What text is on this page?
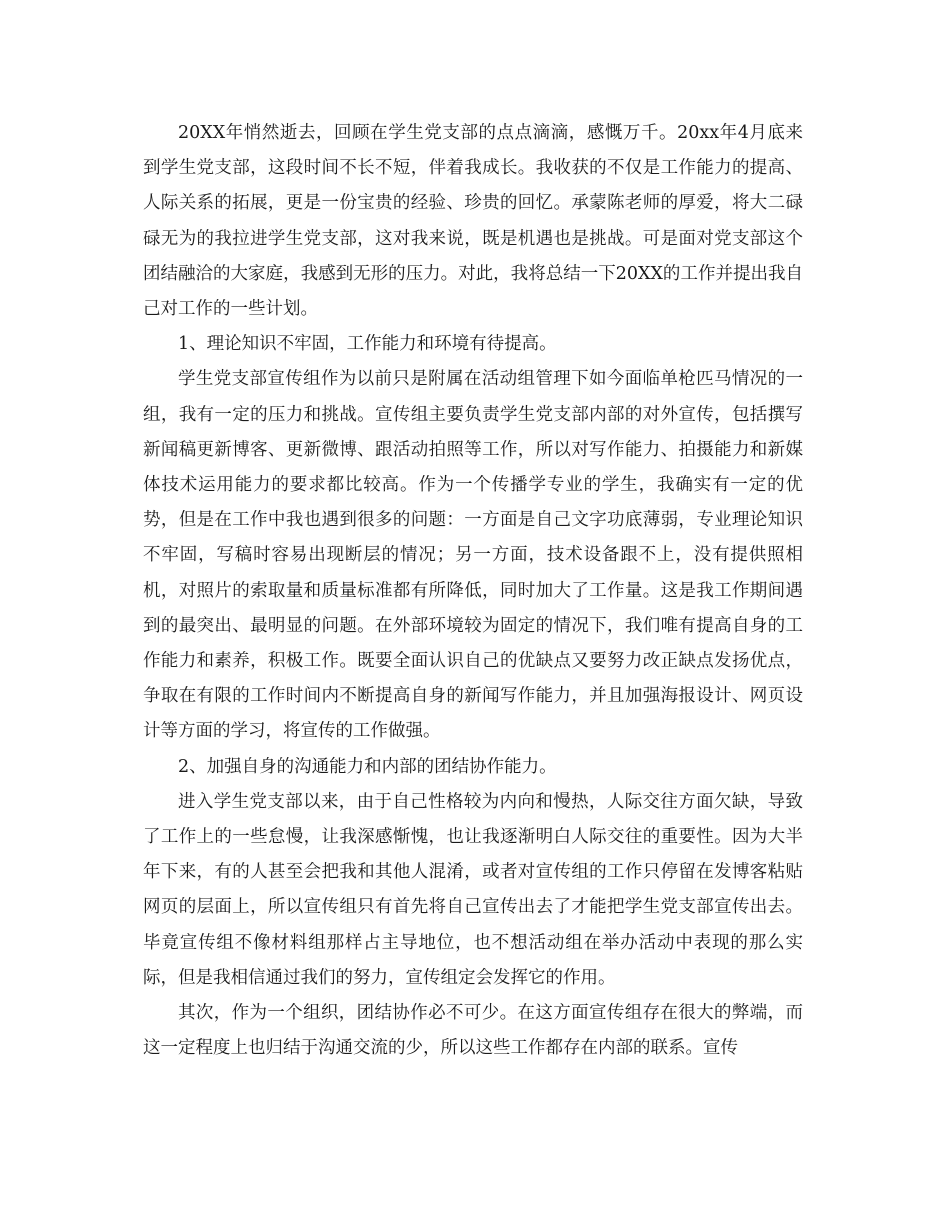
20XX年悄然逝去，回顾在学生党支部的点点滴滴，感慨万千。20xx年4月底来到学生党支部，这段时间不长不短，伴着我成长。我收获的不仅是工作能力的提高、人际关系的拓展，更是一份宝贵的经验、珍贵的回忆。承蒙陈老师的厚爱，将大二碌碌无为的我拉进学生党支部，这对我来说，既是机遇也是挑战。可是面对党支部这个团结融洽的大家庭，我感到无形的压力。对此，我将总结一下20XX的工作并提出我自己对工作的一些计划。

1、理论知识不牢固，工作能力和环境有待提高。

学生党支部宣传组作为以前只是附属在活动组管理下如今面临单枪匹马情况的一组，我有一定的压力和挑战。宣传组主要负责学生党支部内部的对外宣传，包括撰写新闻稿更新博客、更新微博、跟活动拍照等工作，所以对写作能力、拍摄能力和新媒体技术运用能力的要求都比较高。作为一个传播学专业的学生，我确实有一定的优势，但是在工作中我也遇到很多的问题：一方面是自己文字功底薄弱，专业理论知识不牢固，写稿时容易出现断层的情况；另一方面，技术设备跟不上，没有提供照相机，对照片的索取量和质量标准都有所降低，同时加大了工作量。这是我工作期间遇到的最突出、最明显的问题。在外部环境较为固定的情况下，我们唯有提高自身的工作能力和素养，积极工作。既要全面认识自己的优缺点又要努力改正缺点发扬优点，争取在有限的工作时间内不断提高自身的新闻写作能力，并且加强海报设计、网页设计等方面的学习，将宣传的工作做强。

2、加强自身的沟通能力和内部的团结协作能力。

进入学生党支部以来，由于自己性格较为内向和慢热，人际交往方面欠缺，导致了工作上的一些怠慢，让我深感惭愧，也让我逐渐明白人际交往的重要性。因为大半年下来，有的人甚至会把我和其他人混淆，或者对宣传组的工作只停留在发博客粘贴网页的层面上，所以宣传组只有首先将自己宣传出去了才能把学生党支部宣传出去。毕竟宣传组不像材料组那样占主导地位，也不想活动组在举办活动中表现的那么实际，但是我相信通过我们的努力，宣传组定会发挥它的作用。

其次，作为一个组织，团结协作必不可少。在这方面宣传组存在很大的弊端，而这一定程度上也归结于沟通交流的少，所以这些工作都存在内部的联系。宣传
